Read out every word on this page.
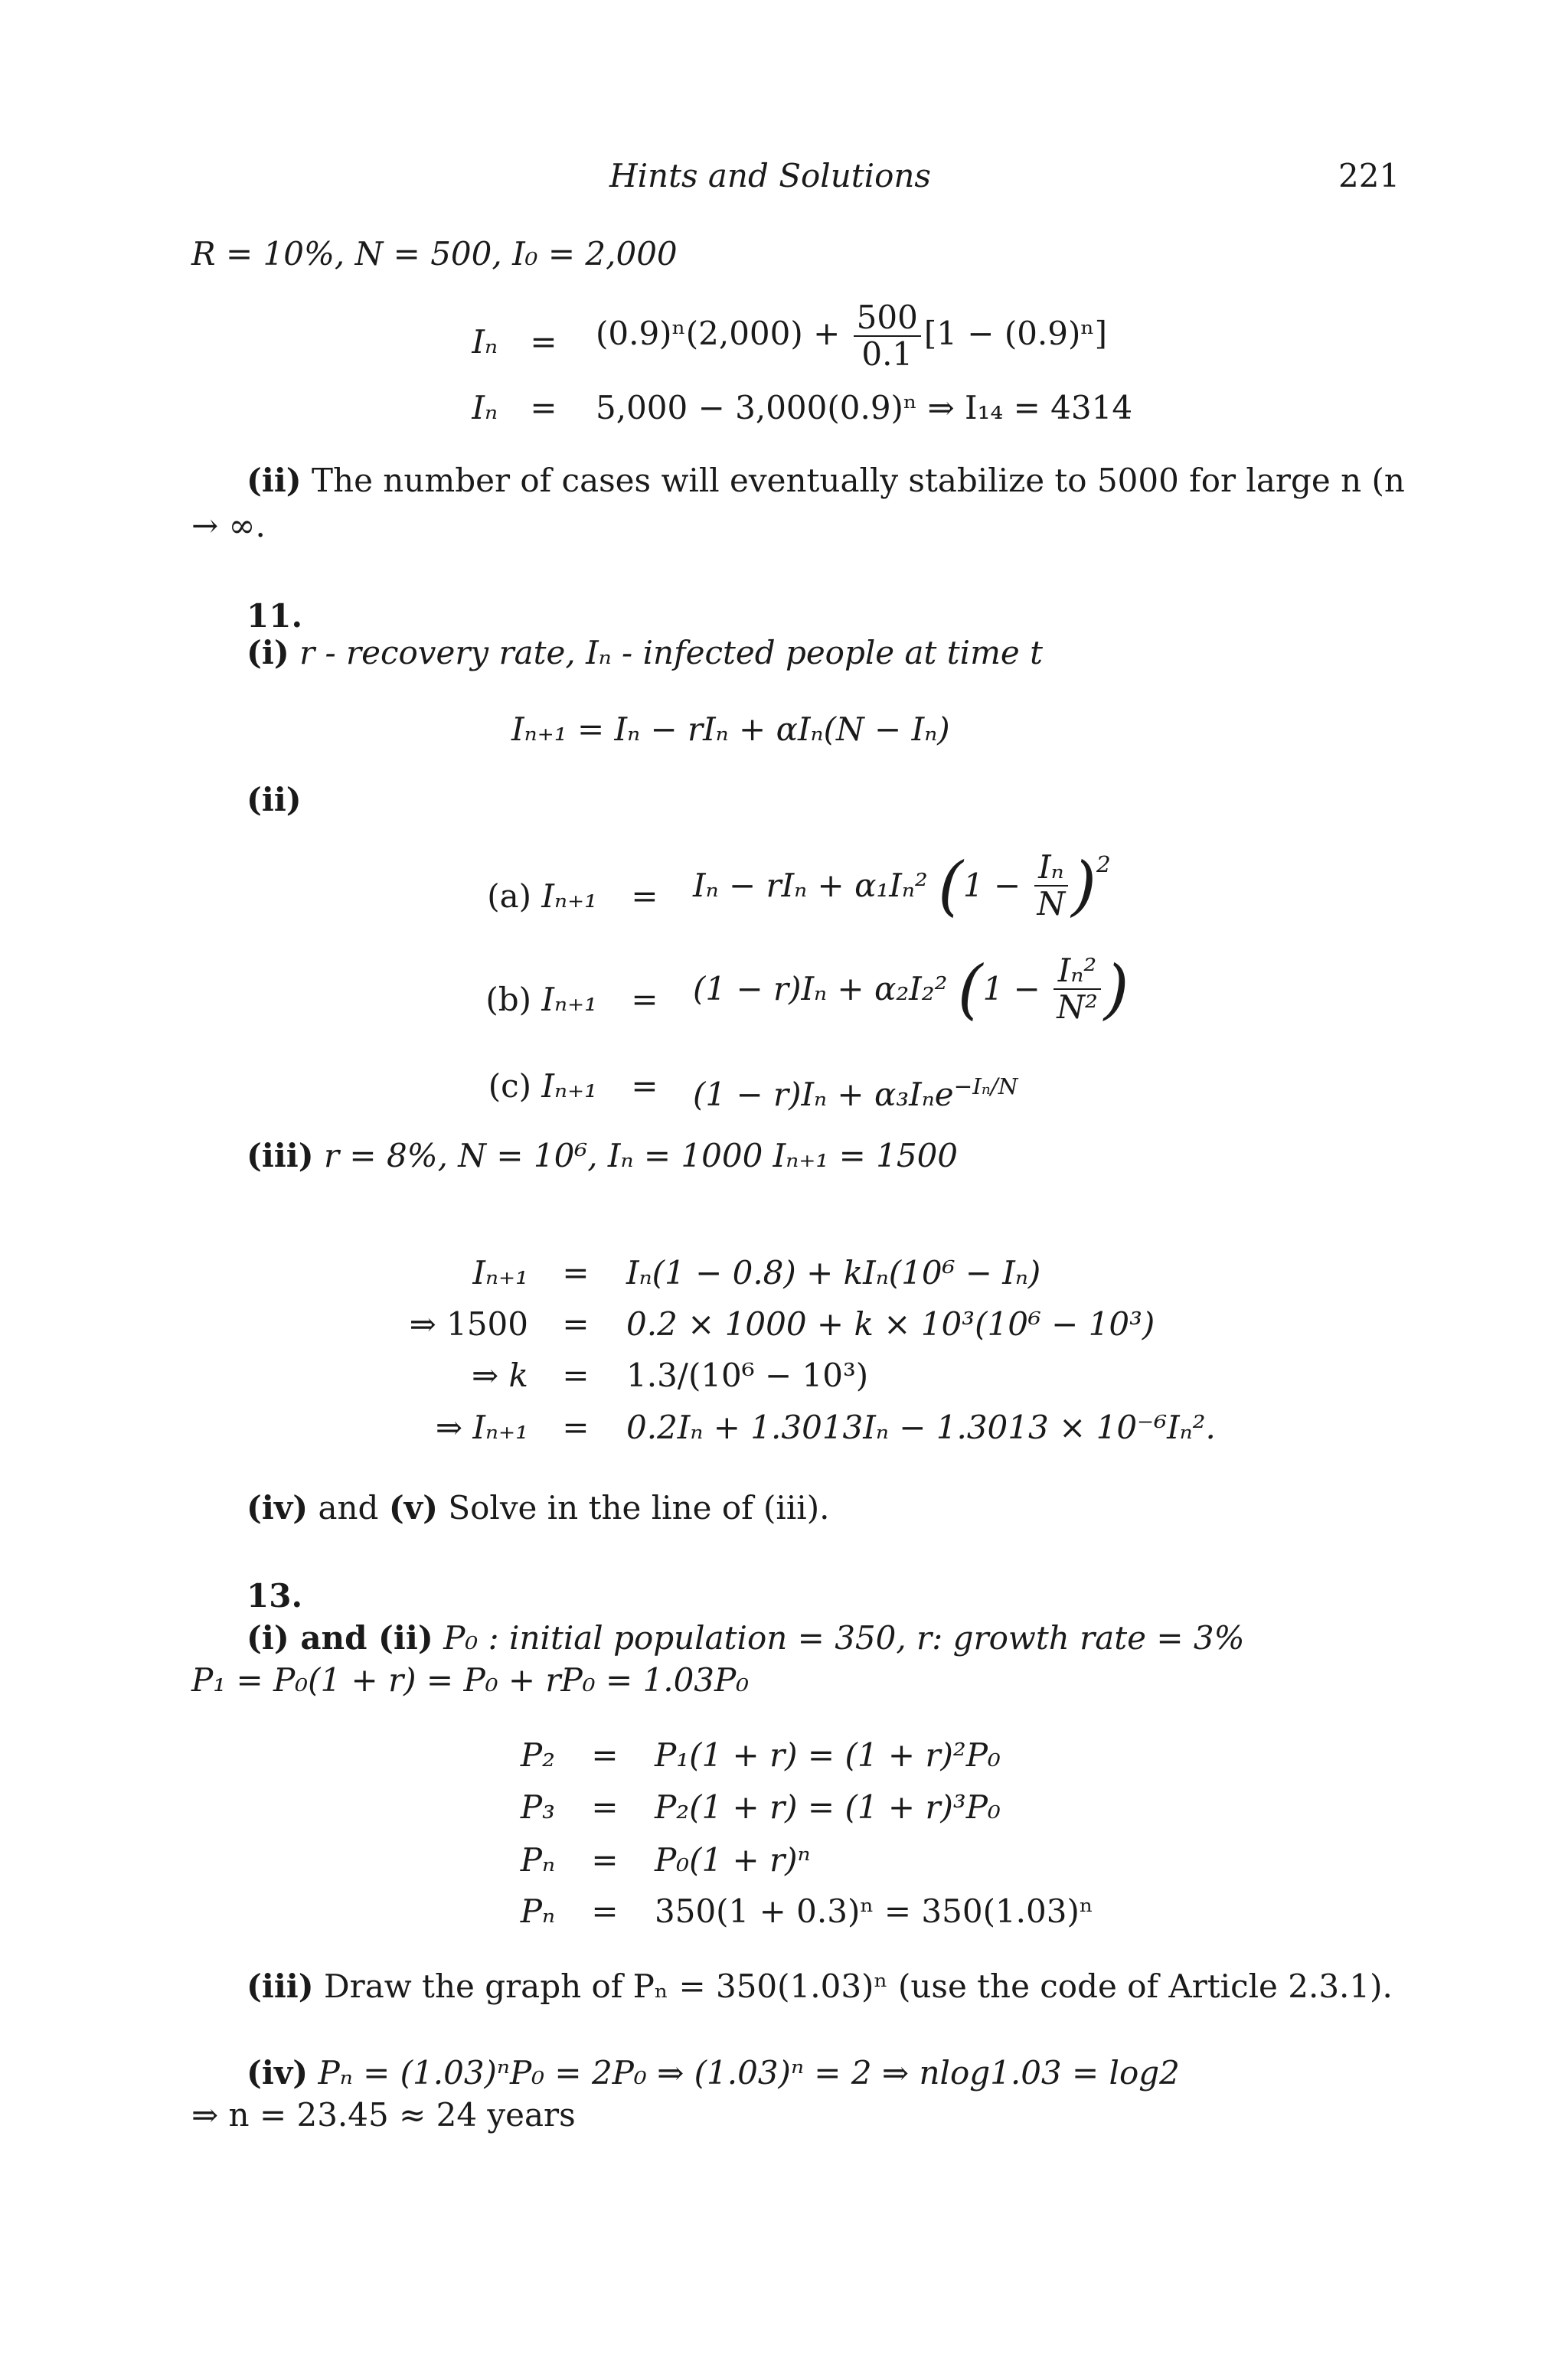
Hints and Solutions	221
R = 10%, N = 500, I₀ = 2,000
$I_n = (0.9)^n(2,000) + \frac{500}{0.1} [1 - (0.9)^n]$
Iₙ = 5,000 − 3,000(0.9)ⁿ ⇒ I₁₄ = 4314
(ii) The number of cases will eventually stabilize to 5000 for large n (n
→ ∞.
11.
(i) r - recovery rate, Iₙ - infected people at time t
Iₙ₊₁ = Iₙ − rIₙ + αIₙ(N − Iₙ)
(ii)
(a) Iₙ₊₁ = Iₙ − rIₙ + α₁Iₙ² $(1 - \frac{\text{Iₙ}}{N} )^2$
(b) Iₙ₊₁ = (1 − r)Iₙ + α₂I₂² ($1 - \frac{\text{Iₙ²}}{\text{N²}}$ )
(c) Iₙ₊₁ = (1 − r)Iₙ + α₃Iₙe$^{-I_n/N}$
(iii) r = 8%, N = 10⁶, Iₙ = 1000 Iₙ₊₁ = 1500
Iₙ₊₁ = Iₙ(1 − 0.8) + kIₙ(10⁶ − Iₙ)
⇒ 1500 = 0.2 × 1000 + k × 10³(10⁶ − 10³)
⇒ k = 1.3/(10⁶ − 10³)
⇒ Iₙ₊₁ = 0.2Iₙ + 1.3013Iₙ − 1.3013 × 10⁻⁶Iₙ².
(iv) and (v) Solve in the line of (iii).
13.
(i) and (ii) P₀ : initial population = 350, r: growth rate = 3%
P₁ = P₀(1 + r) = P₀ + rP₀ = 1.03P₀
P₂ = P₁(1 + r) = (1 + r)²P₀
P₃ = P₂(1 + r) = (1 + r)³P₀
Pₙ = P₀(1 + r)ⁿ
Pₙ = 350(1 + 0.3)ⁿ = 350(1.03)ⁿ
(iii) Draw the graph of Pₙ = 350(1.03)ⁿ (use the code of Article 2.3.1).
(iv) Pₙ = (1.03)ⁿP₀ = 2P₀ ⇒ (1.03)ⁿ = 2 ⇒ nlog1.03 = log2
⇒ n = 23.45 ≈ 24 years
